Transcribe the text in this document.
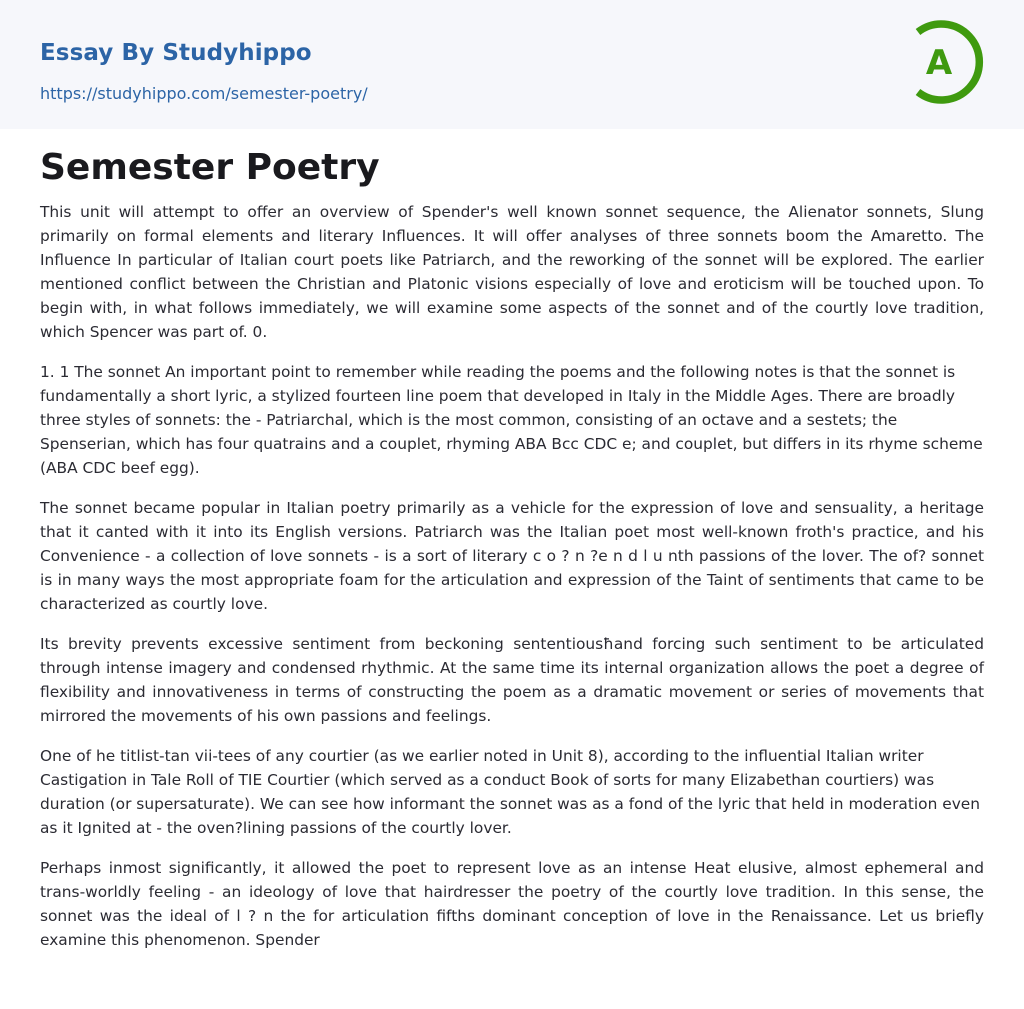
Essay By Studyhippo
https://studyhippo.com/semester-poetry/
A
Semester Poetry

This unit will attempt to offer an overview of Spender's well known sonnet sequence, the Alienator sonnets, Slung primarily on formal elements and literary Influences. It will offer analyses of three sonnets boom the Amaretto. The Influence In particular of Italian court poets like Patriarch, and the reworking of the sonnet will be explored. The earlier mentioned conflict between the Christian and Platonic visions especially of love and eroticism will be touched upon. To begin with, in what follows immediately, we will examine some aspects of the sonnet and of the courtly love tradition, which Spencer was part of. 0.

1. 1 The sonnet An important point to remember while reading the poems and the following notes is that the sonnet is fundamentally a short lyric, a stylized fourteen line poem that developed in Italy in the Middle Ages. There are broadly three styles of sonnets: the - Patriarchal, which is the most common, consisting of an octave and a sestets; the Spenserian, which has four quatrains and a couplet, rhyming ABA Bcc CDC e; and couplet, but differs in its rhyme scheme (ABA CDC beef egg).

The sonnet became popular in Italian poetry primarily as a vehicle for the expression of love and sensuality, a heritage that it canted with it into its English versions. Patriarch was the Italian poet most well-known froth's practice, and his Convenience - a collection of love sonnets - is a sort of literary c o ? n ?e n d l u nth passions of the lover. The of? sonnet is in many ways the most appropriate foam for the articulation and expression of the Taint of sentiments that came to be characterized as courtly love.

Its brevity prevents excessive sentiment from beckoning sententiousħand forcing such sentiment to be articulated through intense imagery and condensed rhythmic. At the same time its internal organization allows the poet a degree of flexibility and innovativeness in terms of constructing the poem as a dramatic movement or series of movements that mirrored the movements of his own passions and feelings.

One of he titlist-tan vii-tees of any courtier (as we earlier noted in Unit 8), according to the influential Italian writer Castigation in Tale Roll of TIE Courtier (which served as a conduct Book of sorts for many Elizabethan courtiers) was duration (or supersaturate). We can see how informant the sonnet was as a fond of the lyric that held in moderation even as it Ignited at - the oven?lining passions of the courtly lover.

Perhaps inmost significantly, it allowed the poet to represent love as an intense Heat elusive, almost ephemeral and trans-worldly feeling - an ideology of love that hairdresser the poetry of the courtly love tradition. In this sense, the sonnet was the ideal of l ? n the for articulation fifths dominant conception of love in the Renaissance. Let us briefly examine this phenomenon. Spender
